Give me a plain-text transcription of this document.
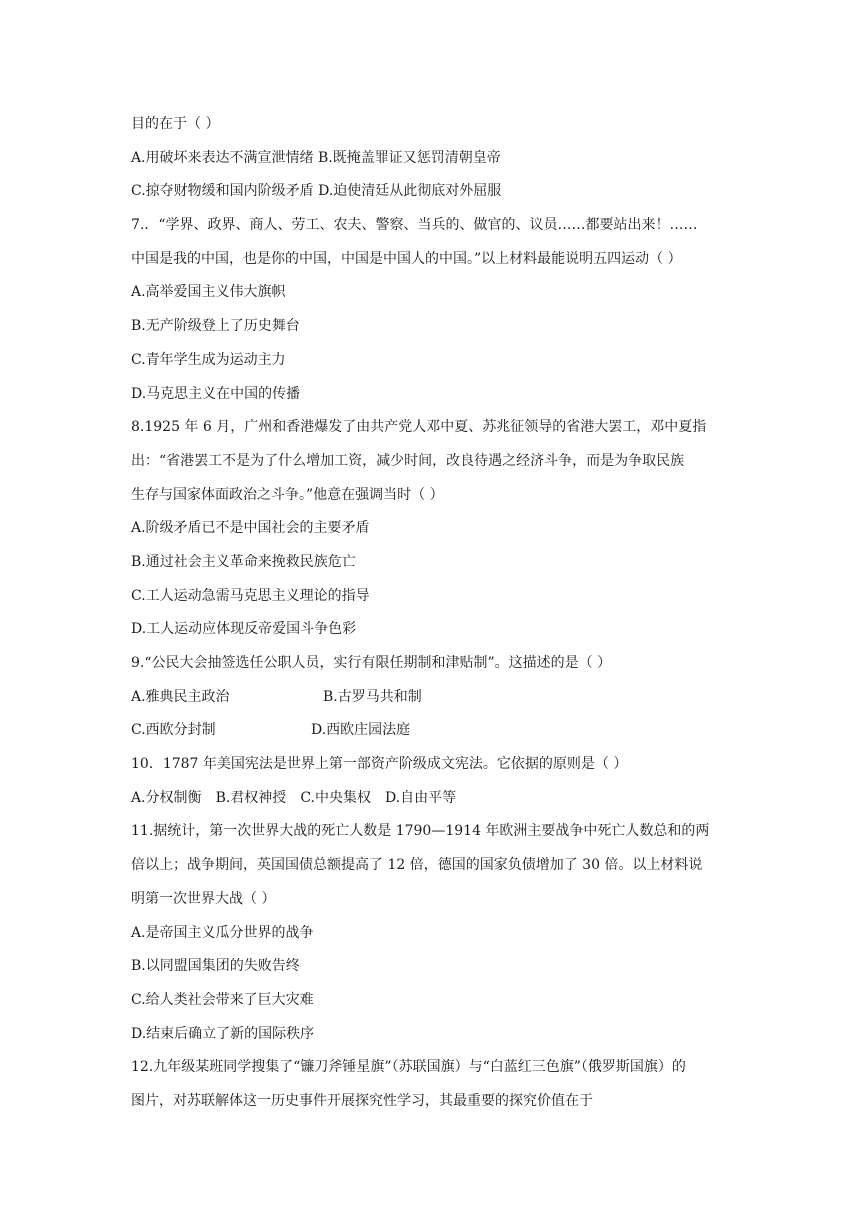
目的在于（ ）
A.用破坏来表达不满宣泄情绪 B.既掩盖罪证又惩罚清朝皇帝
C.掠夺财物缓和国内阶级矛盾 D.迫使清廷从此彻底对外屈服
7.．“学界、政界、商人、劳工、农夫、警察、当兵的、做官的、议员……都要站出来！……
中国是我的中国，也是你的中国，中国是中国人的中国。”以上材料最能说明五四运动（ ）
A.高举爱国主义伟大旗帜
B.无产阶级登上了历史舞台
C.青年学生成为运动主力
D.马克思主义在中国的传播
8.1925 年 6 月，广州和香港爆发了由共产党人邓中夏、苏兆征领导的省港大罢工，邓中夏指
出：“省港罢工不是为了什么增加工资，减少时间，改良待遇之经济斗争，而是为争取民族
生存与国家体面政治之斗争。”他意在强调当时（ ）
A.阶级矛盾已不是中国社会的主要矛盾
B.通过社会主义革命来挽救民族危亡
C.工人运动急需马克思主义理论的指导
D.工人运动应体现反帝爱国斗争色彩
9.“公民大会抽签选任公职人员，实行有限任期制和津贴制”。这描述的是（ ）
A.雅典民主政治	B.古罗马共和制
C.西欧分封制	D.西欧庄园法庭
10．1787 年美国宪法是世界上第一部资产阶级成文宪法。它依据的原则是（ ）
A.分权制衡 B.君权神授 C.中央集权 D.自由平等
11.据统计，第一次世界大战的死亡人数是 1790—1914 年欧洲主要战争中死亡人数总和的两
倍以上；战争期间，英国国债总额提高了 12 倍，德国的国家负债增加了 30 倍。以上材料说
明第一次世界大战（ ）
A.是帝国主义瓜分世界的战争
B.以同盟国集团的失败告终
C.给人类社会带来了巨大灾难
D.结束后确立了新的国际秩序
12.九年级某班同学搜集了“镰刀斧锤星旗”（苏联国旗）与“白蓝红三色旗”（俄罗斯国旗）的
图片，对苏联解体这一历史事件开展探究性学习，其最重要的探究价值在于
